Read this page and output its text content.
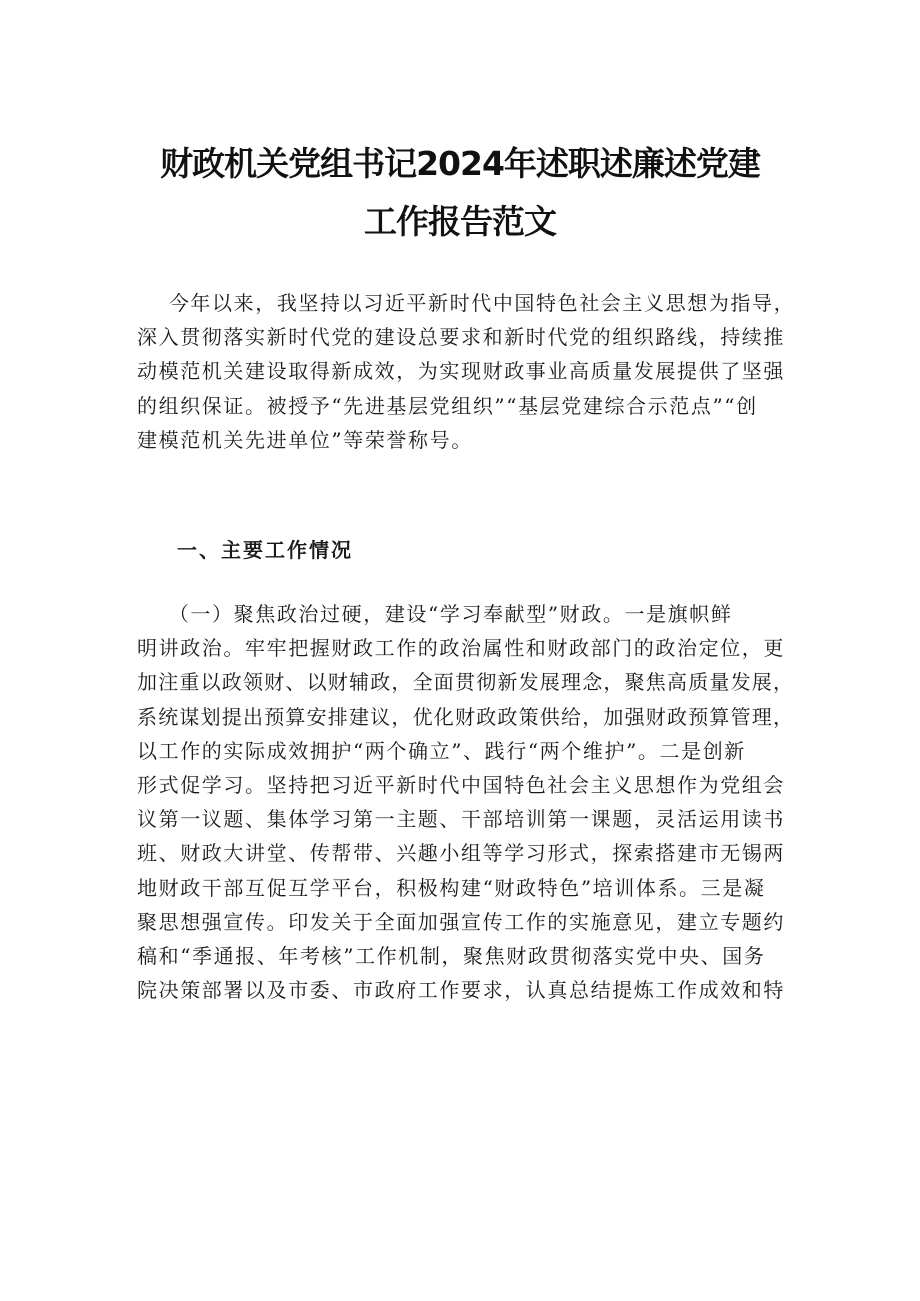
财政机关党组书记2024年述职述廉述党建
工作报告范文

今年以来，我坚持以习近平新时代中国特色社会主义思想为指导，
深入贯彻落实新时代党的建设总要求和新时代党的组织路线，持续推
动模范机关建设取得新成效，为实现财政事业高质量发展提供了坚强
的组织保证。被授予“先进基层党组织”“基层党建综合示范点”“创
建模范机关先进单位”等荣誉称号。

一、主要工作情况

（一）聚焦政治过硬，建设“学习奉献型”财政。一是旗帜鲜
明讲政治。牢牢把握财政工作的政治属性和财政部门的政治定位，更
加注重以政领财、以财辅政，全面贯彻新发展理念，聚焦高质量发展，
系统谋划提出预算安排建议，优化财政政策供给，加强财政预算管理，
以工作的实际成效拥护“两个确立”、践行“两个维护”。二是创新
形式促学习。坚持把习近平新时代中国特色社会主义思想作为党组会
议第一议题、集体学习第一主题、干部培训第一课题，灵活运用读书
班、财政大讲堂、传帮带、兴趣小组等学习形式，探索搭建市无锡两
地财政干部互促互学平台，积极构建“财政特色”培训体系。三是凝
聚思想强宣传。印发关于全面加强宣传工作的实施意见，建立专题约
稿和“季通报、年考核”工作机制，聚焦财政贯彻落实党中央、国务
院决策部署以及市委、市政府工作要求，认真总结提炼工作成效和特
